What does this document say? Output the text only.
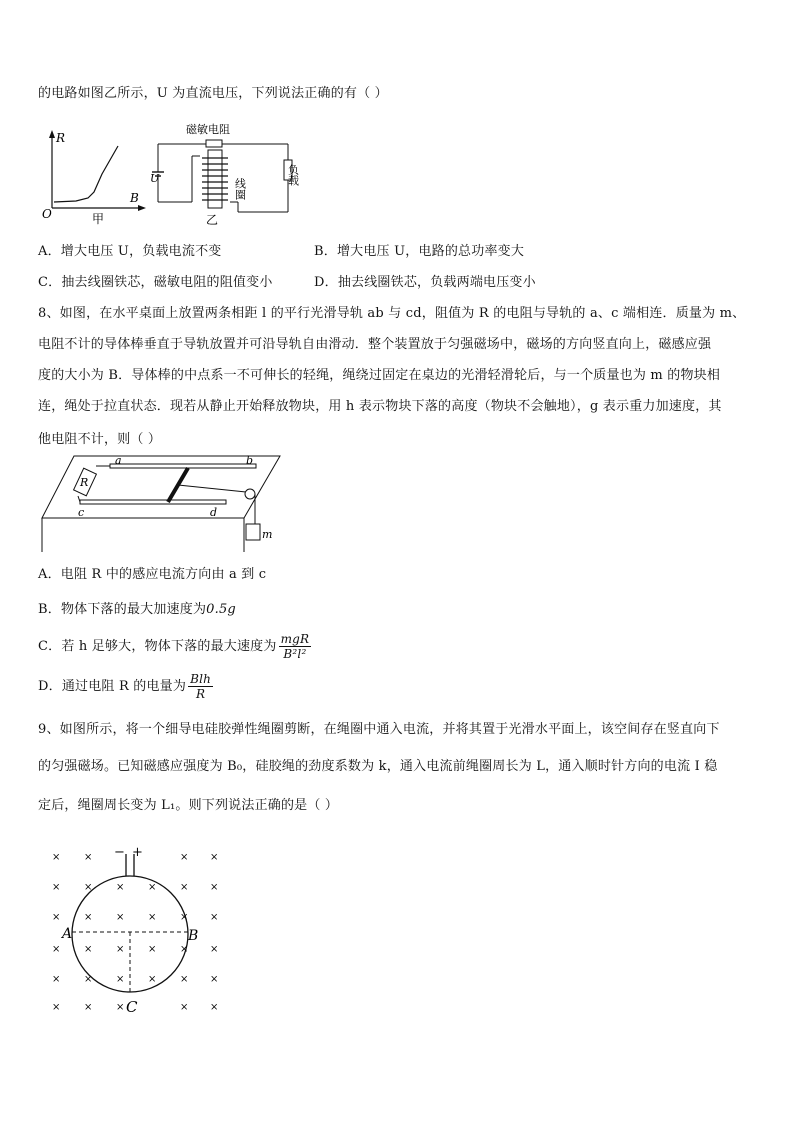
的电路如图乙所示，U 为直流电压，下列说法正确的有（ ）
R
B
O	甲
磁敏电阻
U	线圈
负载
乙
A．增大电压 U，负载电流不变	B．增大电压 U，电路的总功率变大
C．抽去线圈铁芯，磁敏电阻的阻值变小	D．抽去线圈铁芯，负载两端电压变小
8、如图，在水平桌面上放置两条相距 l 的平行光滑导轨 ab 与 cd，阻值为 R 的电阻与导轨的 a、c 端相连．质量为 m、
电阻不计的导体棒垂直于导轨放置并可沿导轨自由滑动．整个装置放于匀强磁场中，磁场的方向竖直向上，磁感应强
度的大小为 B．导体棒的中点系一不可伸长的轻绳，绳绕过固定在桌边的光滑轻滑轮后，与一个质量也为 m 的物块相
连，绳处于拉直状态．现若从静止开始释放物块，用 h 表示物块下落的高度（物块不会触地），g 表示重力加速度，其
他电阻不计，则（ ）
a	b
c	d
R
m
A．电阻 R 中的感应电流方向由 a 到 c
B．物体下落的最大加速度为0.5g
C．若 h 足够大，物体下落的最大速度为 $\frac{\text{mgR}}{\text{B²l²}}$
D．通过电阻 R 的电量为 $\frac{\text{Blh}}{R}$
9、如图所示，将一个细导电硅胶弹性绳圈剪断，在绳圈中通入电流，并将其置于光滑水平面上，该空间存在竖直向下
的匀强磁场。已知磁感应强度为 B₀，硅胶绳的劲度系数为 k，通入电流前绳圈周长为 L，通入顺时针方向的电流 I 稳
定后，绳圈周长变为 L₁。则下列说法正确的是（ ）
− +
A	B
C
× ×	× ×
× × × × × ×
× × × × × ×
× × × × × ×
× × × × × ×
× × ×	× ×
